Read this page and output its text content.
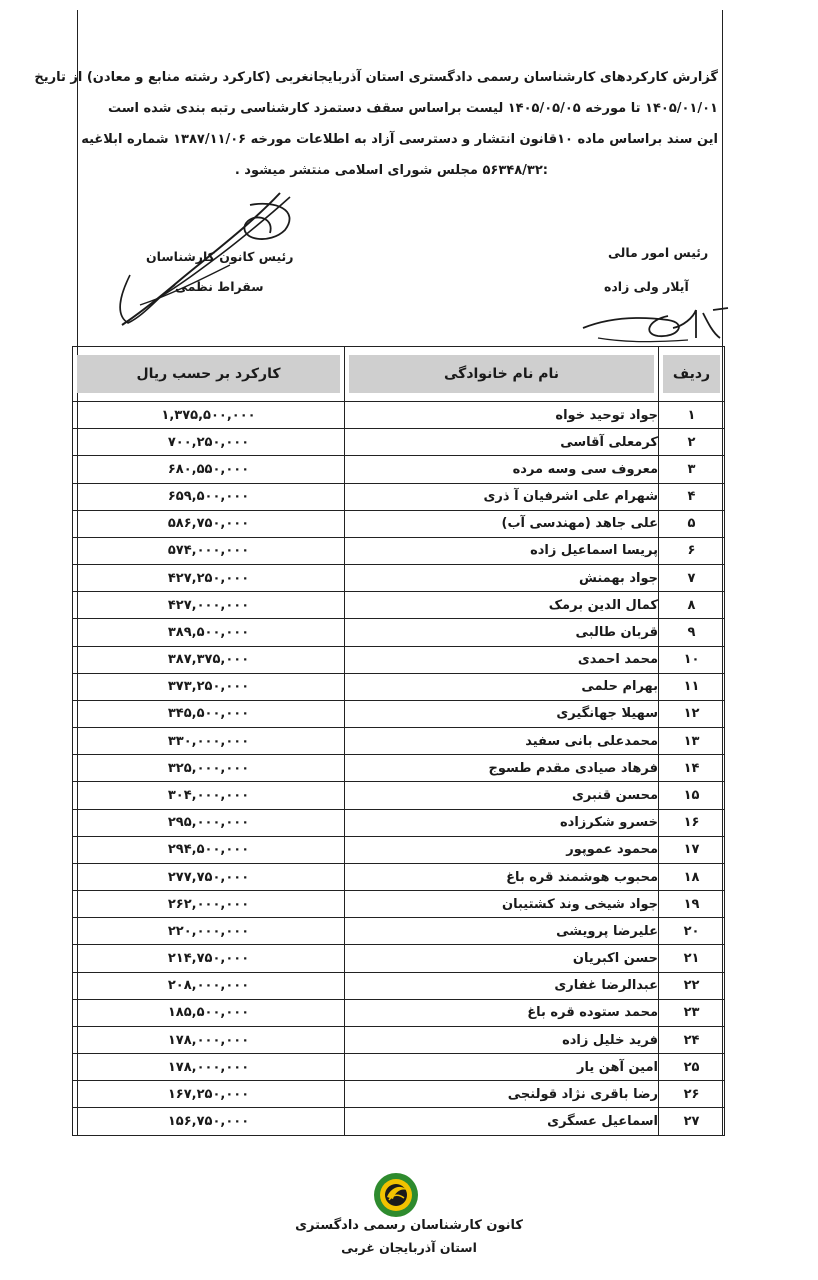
گزارش کارکردهای کارشناسان رسمی دادگستری استان آذربایجانغربی (کارکرد رشته منابع و معادن) از تاریخ
۱۴۰۵/۰۱/۰۱ تا مورخه ۱۴۰۵/۰۵/۰۵ لیست براساس سقف دستمزد کارشناسی رتبه بندی شده است
این سند براساس ماده ۱۰قانون انتشار و دسترسی آزاد به اطلاعات مورخه ۱۳۸۷/۱۱/۰۶ شماره ابلاغیه
:۵۶۳۴۸/۳۲ مجلس شورای اسلامی منتشر میشود .
رئیس کانون کارشناسان
سقراط نظمی
رئیس امور مالی
آیلار ولی زاده
ردیف	نام نام خانوادگی	کارکرد بر حسب ریال

۱	جواد توحید خواه	۱,۳۷۵,۵۰۰,۰۰۰
۲	کرمعلی آقاسی	۷۰۰,۲۵۰,۰۰۰
۳	معروف سی وسه مرده	۶۸۰,۵۵۰,۰۰۰
۴	شهرام علی اشرفیان آ ذری	۶۵۹,۵۰۰,۰۰۰
۵	علی جاهد (مهندسی آب)	۵۸۶,۷۵۰,۰۰۰
۶	پریسا اسماعیل زاده	۵۷۴,۰۰۰,۰۰۰
۷	جواد بهمنش	۴۲۷,۲۵۰,۰۰۰
۸	کمال الدین برمک	۴۲۷,۰۰۰,۰۰۰
۹	قربان طالبی	۳۸۹,۵۰۰,۰۰۰
۱۰	محمد احمدی	۳۸۷,۳۷۵,۰۰۰
۱۱	بهرام حلمی	۳۷۳,۲۵۰,۰۰۰
۱۲	سهیلا جهانگیری	۳۴۵,۵۰۰,۰۰۰
۱۳	محمدعلی بانی سفید	۳۳۰,۰۰۰,۰۰۰
۱۴	فرهاد صیادی مقدم طسوج	۳۲۵,۰۰۰,۰۰۰
۱۵	محسن قنبری	۳۰۴,۰۰۰,۰۰۰
۱۶	خسرو شکرزاده	۲۹۵,۰۰۰,۰۰۰
۱۷	محمود عموپور	۲۹۴,۵۰۰,۰۰۰
۱۸	محبوب هوشمند قره باغ	۲۷۷,۷۵۰,۰۰۰
۱۹	جواد شیخی وند کشتیبان	۲۶۲,۰۰۰,۰۰۰
۲۰	علیرضا پرویشی	۲۲۰,۰۰۰,۰۰۰
۲۱	حسن اکبریان	۲۱۴,۷۵۰,۰۰۰
۲۲	عبدالرضا غفاری	۲۰۸,۰۰۰,۰۰۰
۲۳	محمد ستوده قره باغ	۱۸۵,۵۰۰,۰۰۰
۲۴	فرید خلیل زاده	۱۷۸,۰۰۰,۰۰۰
۲۵	امین آهن یار	۱۷۸,۰۰۰,۰۰۰
۲۶	رضا باقری نژاد قولنجی	۱۶۷,۲۵۰,۰۰۰
۲۷	اسماعیل عسگری	۱۵۶,۷۵۰,۰۰۰
کانون کارشناسان رسمی دادگستری
استان آذربایجان غربی
